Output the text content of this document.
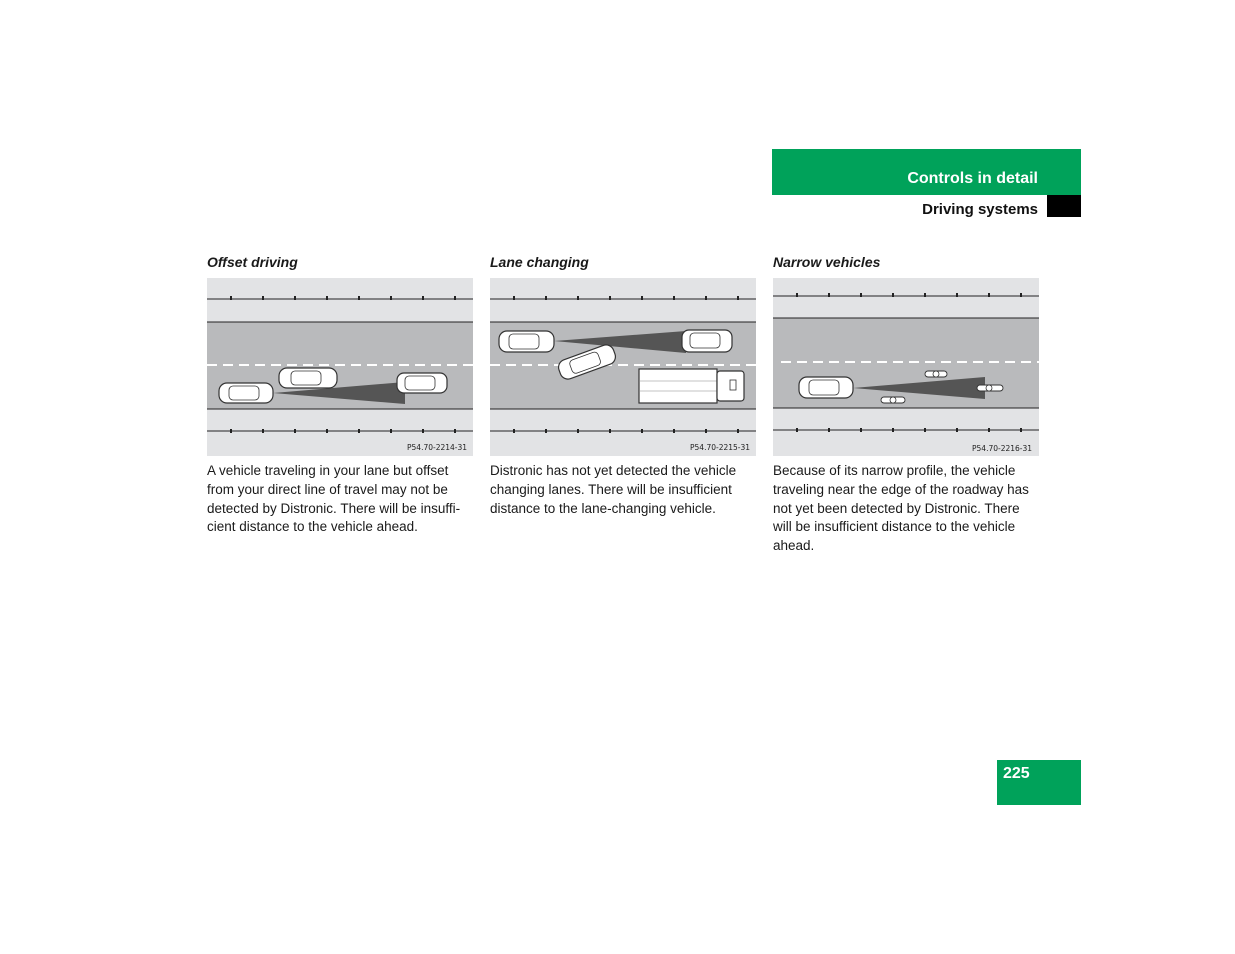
Controls in detail
Driving systems
Offset driving
P54.70-2214-31
A vehicle traveling in your lane but offset from your direct line of travel may not be detected by Distronic. There will be insuffi-cient distance to the vehicle ahead.
Lane changing
P54.70-2215-31
Distronic has not yet detected the vehicle changing lanes. There will be insufficient distance to the lane-changing vehicle.
Narrow vehicles
P54.70-2216-31
Because of its narrow profile, the vehicle traveling near the edge of the roadway has not yet been detected by Distronic. There will be insufficient distance to the vehicle ahead.
225
